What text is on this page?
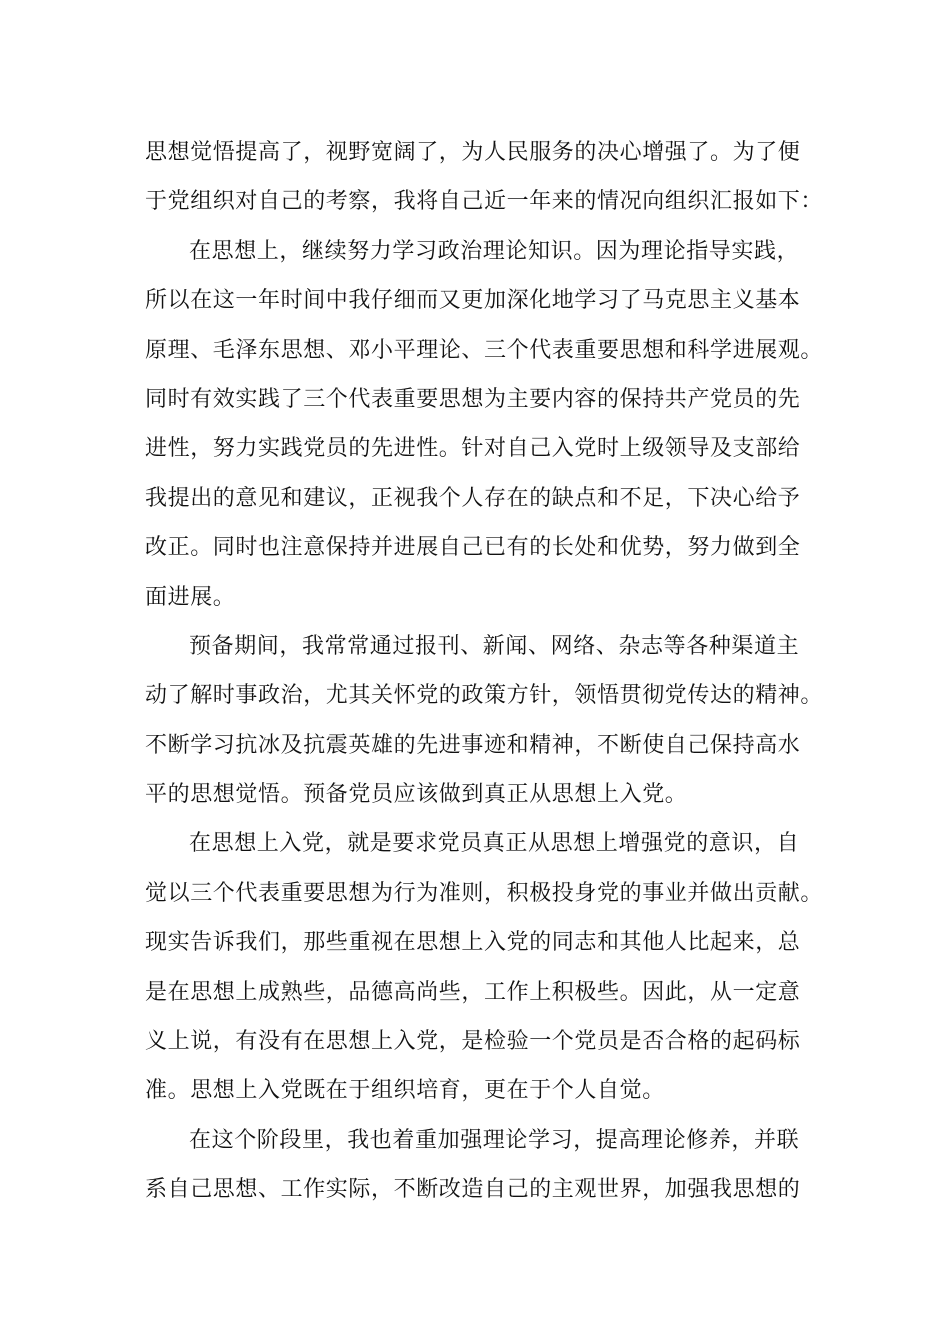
思想觉悟提高了，视野宽阔了，为人民服务的决心增强了。为了便
于党组织对自己的考察，我将自己近一年来的情况向组织汇报如下：
在思想上，继续努力学习政治理论知识。因为理论指导实践，
所以在这一年时间中我仔细而又更加深化地学习了马克思主义基本
原理、毛泽东思想、邓小平理论、三个代表重要思想和科学进展观。
同时有效实践了三个代表重要思想为主要内容的保持共产党员的先
进性，努力实践党员的先进性。针对自己入党时上级领导及支部给
我提出的意见和建议，正视我个人存在的缺点和不足，下决心给予
改正。同时也注意保持并进展自己已有的长处和优势，努力做到全
面进展。
预备期间，我常常通过报刊、新闻、网络、杂志等各种渠道主
动了解时事政治，尤其关怀党的政策方针，领悟贯彻党传达的精神。
不断学习抗冰及抗震英雄的先进事迹和精神，不断使自己保持高水
平的思想觉悟。预备党员应该做到真正从思想上入党。
在思想上入党，就是要求党员真正从思想上增强党的意识，自
觉以三个代表重要思想为行为准则，积极投身党的事业并做出贡献。
现实告诉我们，那些重视在思想上入党的同志和其他人比起来，总
是在思想上成熟些，品德高尚些，工作上积极些。因此，从一定意
义上说，有没有在思想上入党，是检验一个党员是否合格的起码标
准。思想上入党既在于组织培育，更在于个人自觉。
在这个阶段里，我也着重加强理论学习，提高理论修养，并联
系自己思想、工作实际，不断改造自己的主观世界，加强我思想的
